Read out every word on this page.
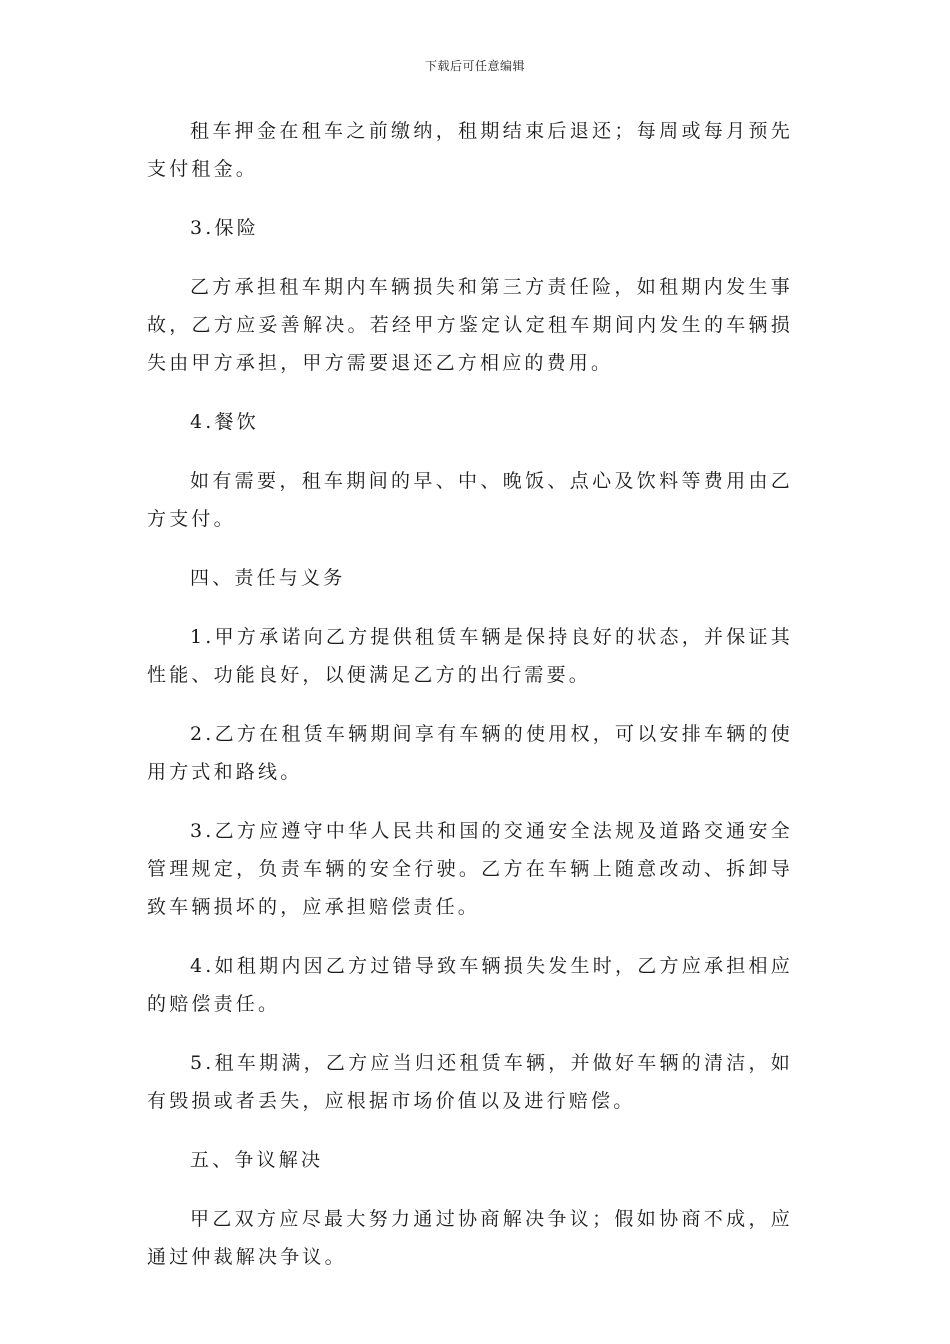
下载后可任意编辑

租车押金在租车之前缴纳，租期结束后退还；每周或每月预先支付租金。

3.保险

乙方承担租车期内车辆损失和第三方责任险，如租期内发生事故，乙方应妥善解决。若经甲方鉴定认定租车期间内发生的车辆损失由甲方承担，甲方需要退还乙方相应的费用。

4.餐饮

如有需要，租车期间的早、中、晚饭、点心及饮料等费用由乙方支付。

四、责任与义务

1.甲方承诺向乙方提供租赁车辆是保持良好的状态，并保证其性能、功能良好，以便满足乙方的出行需要。

2.乙方在租赁车辆期间享有车辆的使用权，可以安排车辆的使用方式和路线。

3.乙方应遵守中华人民共和国的交通安全法规及道路交通安全管理规定，负责车辆的安全行驶。乙方在车辆上随意改动、拆卸导致车辆损坏的，应承担赔偿责任。

4.如租期内因乙方过错导致车辆损失发生时，乙方应承担相应的赔偿责任。

5.租车期满，乙方应当归还租赁车辆，并做好车辆的清洁，如有毁损或者丢失，应根据市场价值以及进行赔偿。

五、争议解决

甲乙双方应尽最大努力通过协商解决争议；假如协商不成，应通过仲裁解决争议。
